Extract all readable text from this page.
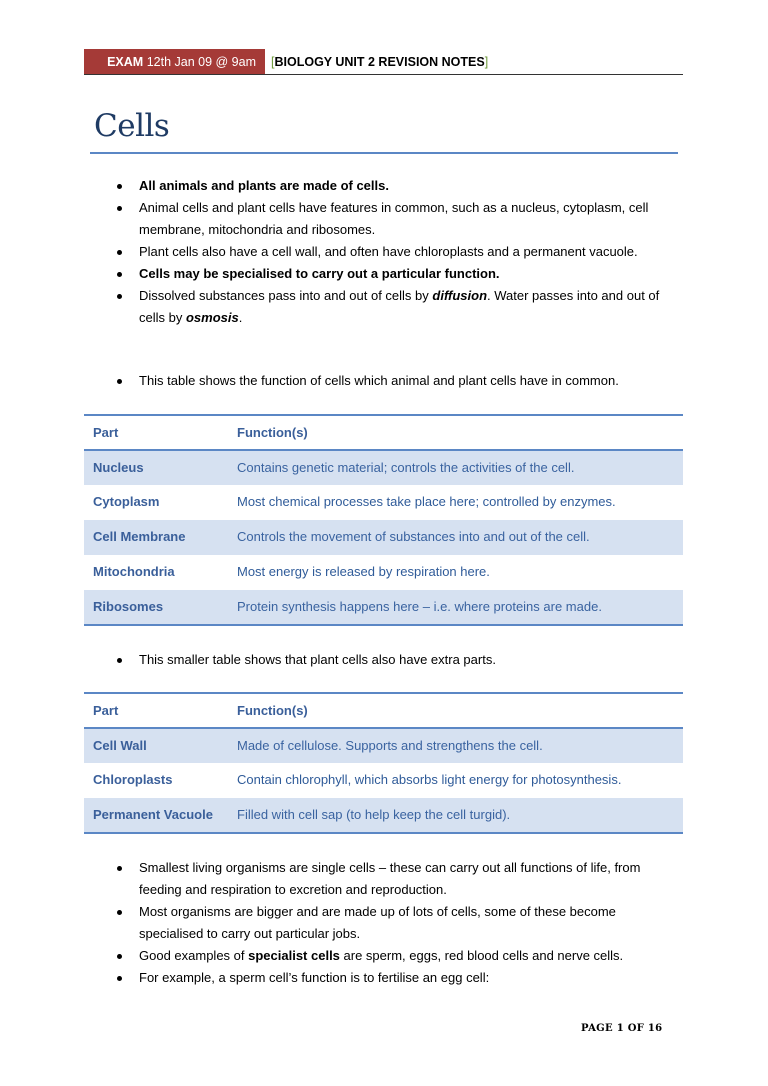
EXAM 12th Jan 09 @ 9am	[BIOLOGY UNIT 2 REVISION NOTES]
Cells
All animals and plants are made of cells.
Animal cells and plant cells have features in common, such as a nucleus, cytoplasm, cell membrane, mitochondria and ribosomes.
Plant cells also have a cell wall, and often have chloroplasts and a permanent vacuole.
Cells may be specialised to carry out a particular function.
Dissolved substances pass into and out of cells by diffusion. Water passes into and out of cells by osmosis.
This table shows the function of cells which animal and plant cells have in common.
Part	Function(s)
Nucleus	Contains genetic material; controls the activities of the cell.
Cytoplasm	Most chemical processes take place here; controlled by enzymes.
Cell Membrane	Controls the movement of substances into and out of the cell.
Mitochondria	Most energy is released by respiration here.
Ribosomes	Protein synthesis happens here – i.e. where proteins are made.
This smaller table shows that plant cells also have extra parts.
Part	Function(s)
Cell Wall	Made of cellulose. Supports and strengthens the cell.
Chloroplasts	Contain chlorophyll, which absorbs light energy for photosynthesis.
Permanent Vacuole	Filled with cell sap (to help keep the cell turgid).
Smallest living organisms are single cells – these can carry out all functions of life, from feeding and respiration to excretion and reproduction.
Most organisms are bigger and are made up of lots of cells, some of these become specialised to carry out particular jobs.
Good examples of specialist cells are sperm, eggs, red blood cells and nerve cells.
For example, a sperm cell’s function is to fertilise an egg cell:
PAGE 1 OF 16
